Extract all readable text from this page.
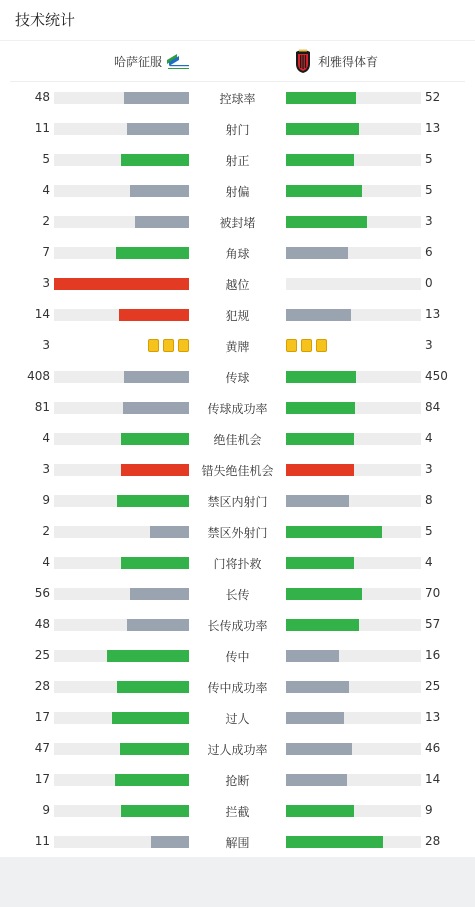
技术统计
哈萨征服	利雅得体育
48	控球率	52
11	射门	13
5	射正	5
4	射偏	5
2	被封堵	3
7	角球	6
3	越位	0
14	犯规	13
3	黄牌	3
408	传球	450
81	传球成功率	84
4	绝佳机会	4
3	错失绝佳机会	3
9	禁区内射门	8
2	禁区外射门	5
4	门将扑救	4
56	长传	70
48	长传成功率	57
25	传中	16
28	传中成功率	25
17	过人	13
47	过人成功率	46
17	抢断	14
9	拦截	9
11	解围	28
